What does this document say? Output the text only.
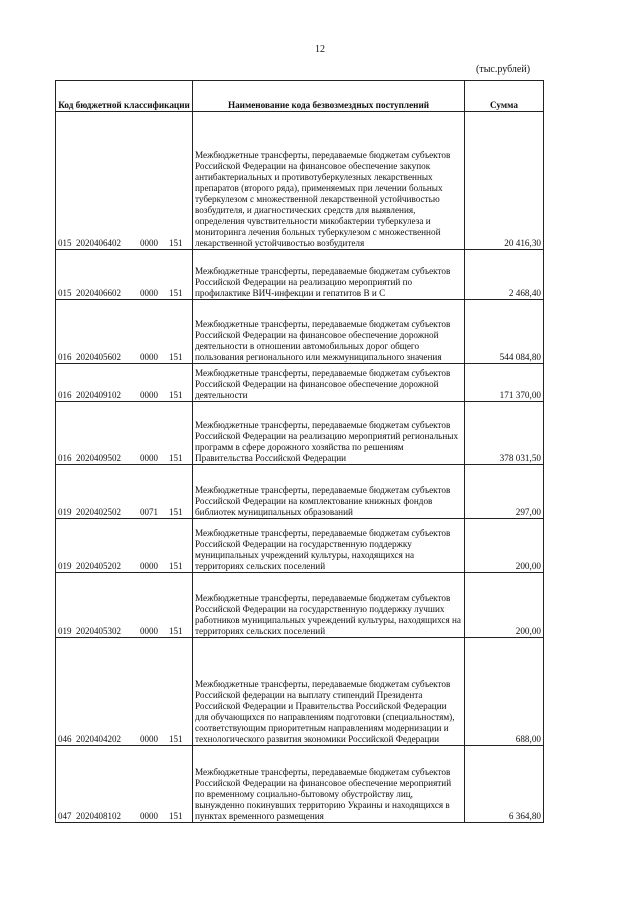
12
(тыс.рублей)
Код бюджетной классификации	Наименование кода безвозмездных поступлений	Сумма
015 2020406402 0000 151	Межбюджетные трансферты, передаваемые бюджетам субъектов Российской Федерации на финансовое обеспечение закупок антибактериальных и противотуберкулезных лекарственных препаратов (второго ряда), применяемых при лечении больных туберкулезом с множественной лекарственной устойчивостью возбудителя, и диагностических средств для выявления, определения чувствительности микобактерии туберкулеза и мониторинга лечения больных туберкулезом с множественной лекарственной устойчивостью возбудителя	20 416,30
015 2020406602 0000 151	Межбюджетные трансферты, передаваемые бюджетам субъектов Российской Федерации на реализацию мероприятий по профилактике ВИЧ-инфекции и гепатитов В и С	2 468,40
016 2020405602 0000 151	Межбюджетные трансферты, передаваемые бюджетам субъектов Российской Федерации на финансовое обеспечение дорожной деятельности в отношении автомобильных дорог общего пользования регионального или межмуниципального значения	544 084,80
016 2020409102 0000 151	Межбюджетные трансферты, передаваемые бюджетам субъектов Российской Федерации на финансовое обеспечение дорожной деятельности	171 370,00
016 2020409502 0000 151	Межбюджетные трансферты, передаваемые бюджетам субъектов Российской Федерации на реализацию мероприятий региональных программ в сфере дорожного хозяйства по решениям Правительства Российской Федерации	378 031,50
019 2020402502 0071 151	Межбюджетные трансферты, передаваемые бюджетам субъектов Российской Федерации на комплектование книжных фондов библиотек муниципальных образований	297,00
019 2020405202 0000 151	Межбюджетные трансферты, передаваемые бюджетам субъектов Российской Федерации на государственную поддержку муниципальных учреждений культуры, находящихся на территориях сельских поселений	200,00
019 2020405302 0000 151	Межбюджетные трансферты, передаваемые бюджетам субъектов Российской Федерации на государственную поддержку лучших работников муниципальных учреждений культуры, находящихся на территориях сельских поселений	200,00
046 2020404202 0000 151	Межбюджетные трансферты, передаваемые бюджетам субъектов Российской федерации на выплату стипендий Президента Российской Федерации и Правительства Российской Федерации для обучающихся по направлениям подготовки (специальностям), соответствующим приоритетным направлениям модернизации и технологического развития экономики Российской Федерации	688,00
047 2020408102 0000 151	Межбюджетные трансферты, передаваемые бюджетам субъектов Российской Федерации на финансовое обеспечение мероприятий по временному социально-бытовому обустройству лиц, вынужденно покинувших территорию Украины и находящихся в пунктах временного размещения	6 364,80
